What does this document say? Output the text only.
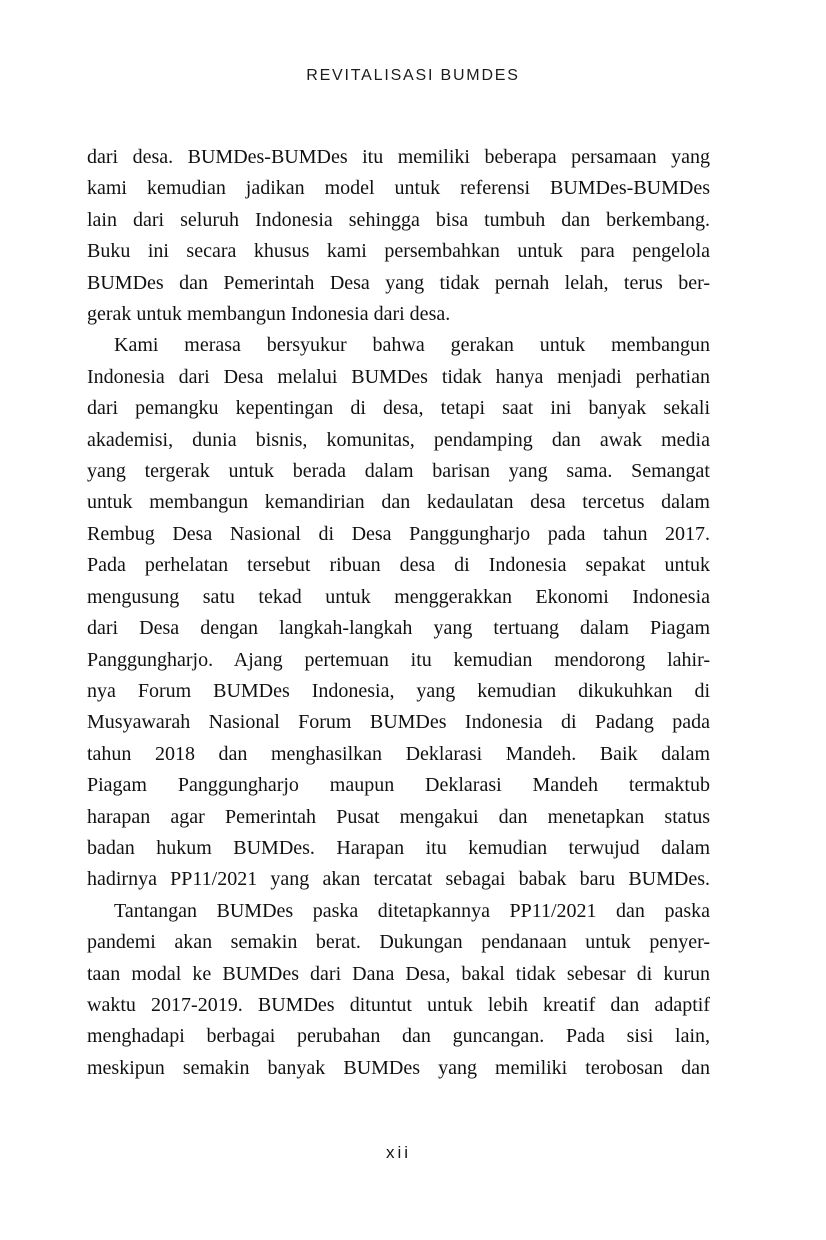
REVITALISASI BUMDES
dari desa. BUMDes-BUMDes itu memiliki beberapa persamaan yang
kami kemudian jadikan model untuk referensi BUMDes-BUMDes
lain dari seluruh Indonesia sehingga bisa tumbuh dan berkembang.
Buku ini secara khusus kami persembahkan untuk para pengelola
BUMDes dan Pemerintah Desa yang tidak pernah lelah, terus ber-
gerak untuk membangun Indonesia dari desa.
Kami merasa bersyukur bahwa gerakan untuk membangun
Indonesia dari Desa melalui BUMDes tidak hanya menjadi perhatian
dari pemangku kepentingan di desa, tetapi saat ini banyak sekali
akademisi, dunia bisnis, komunitas, pendamping dan awak media
yang tergerak untuk berada dalam barisan yang sama. Semangat
untuk membangun kemandirian dan kedaulatan desa tercetus dalam
Rembug Desa Nasional di Desa Panggungharjo pada tahun 2017.
Pada perhelatan tersebut ribuan desa di Indonesia sepakat untuk
mengusung satu tekad untuk menggerakkan Ekonomi Indonesia
dari Desa dengan langkah-langkah yang tertuang dalam Piagam
Panggungharjo. Ajang pertemuan itu kemudian mendorong lahir-
nya Forum BUMDes Indonesia, yang kemudian dikukuhkan di
Musyawarah Nasional Forum BUMDes Indonesia di Padang pada
tahun 2018 dan menghasilkan Deklarasi Mandeh. Baik dalam
Piagam Panggungharjo maupun Deklarasi Mandeh termaktub
harapan agar Pemerintah Pusat mengakui dan menetapkan status
badan hukum BUMDes. Harapan itu kemudian terwujud dalam
hadirnya PP11/2021 yang akan tercatat sebagai babak baru BUMDes.
Tantangan BUMDes paska ditetapkannya PP11/2021 dan paska
pandemi akan semakin berat. Dukungan pendanaan untuk penyer-
taan modal ke BUMDes dari Dana Desa, bakal tidak sebesar di kurun
waktu 2017-2019. BUMDes dituntut untuk lebih kreatif dan adaptif
menghadapi berbagai perubahan dan guncangan. Pada sisi lain,
meskipun semakin banyak BUMDes yang memiliki terobosan dan
xii
